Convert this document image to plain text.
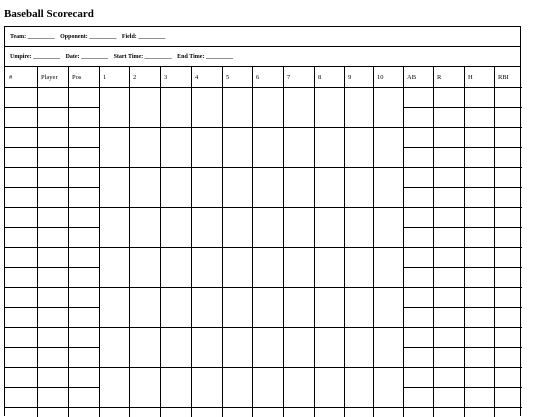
Baseball Scorecard
Team: _________ Opponent: _________ Field: _________
Umpire: _________ Date: _________ Start Time: _________ End Time: _________
#	Player	Pos	1	2	3	4	5	6	7	8	9	10	AB	R	H	RBI
